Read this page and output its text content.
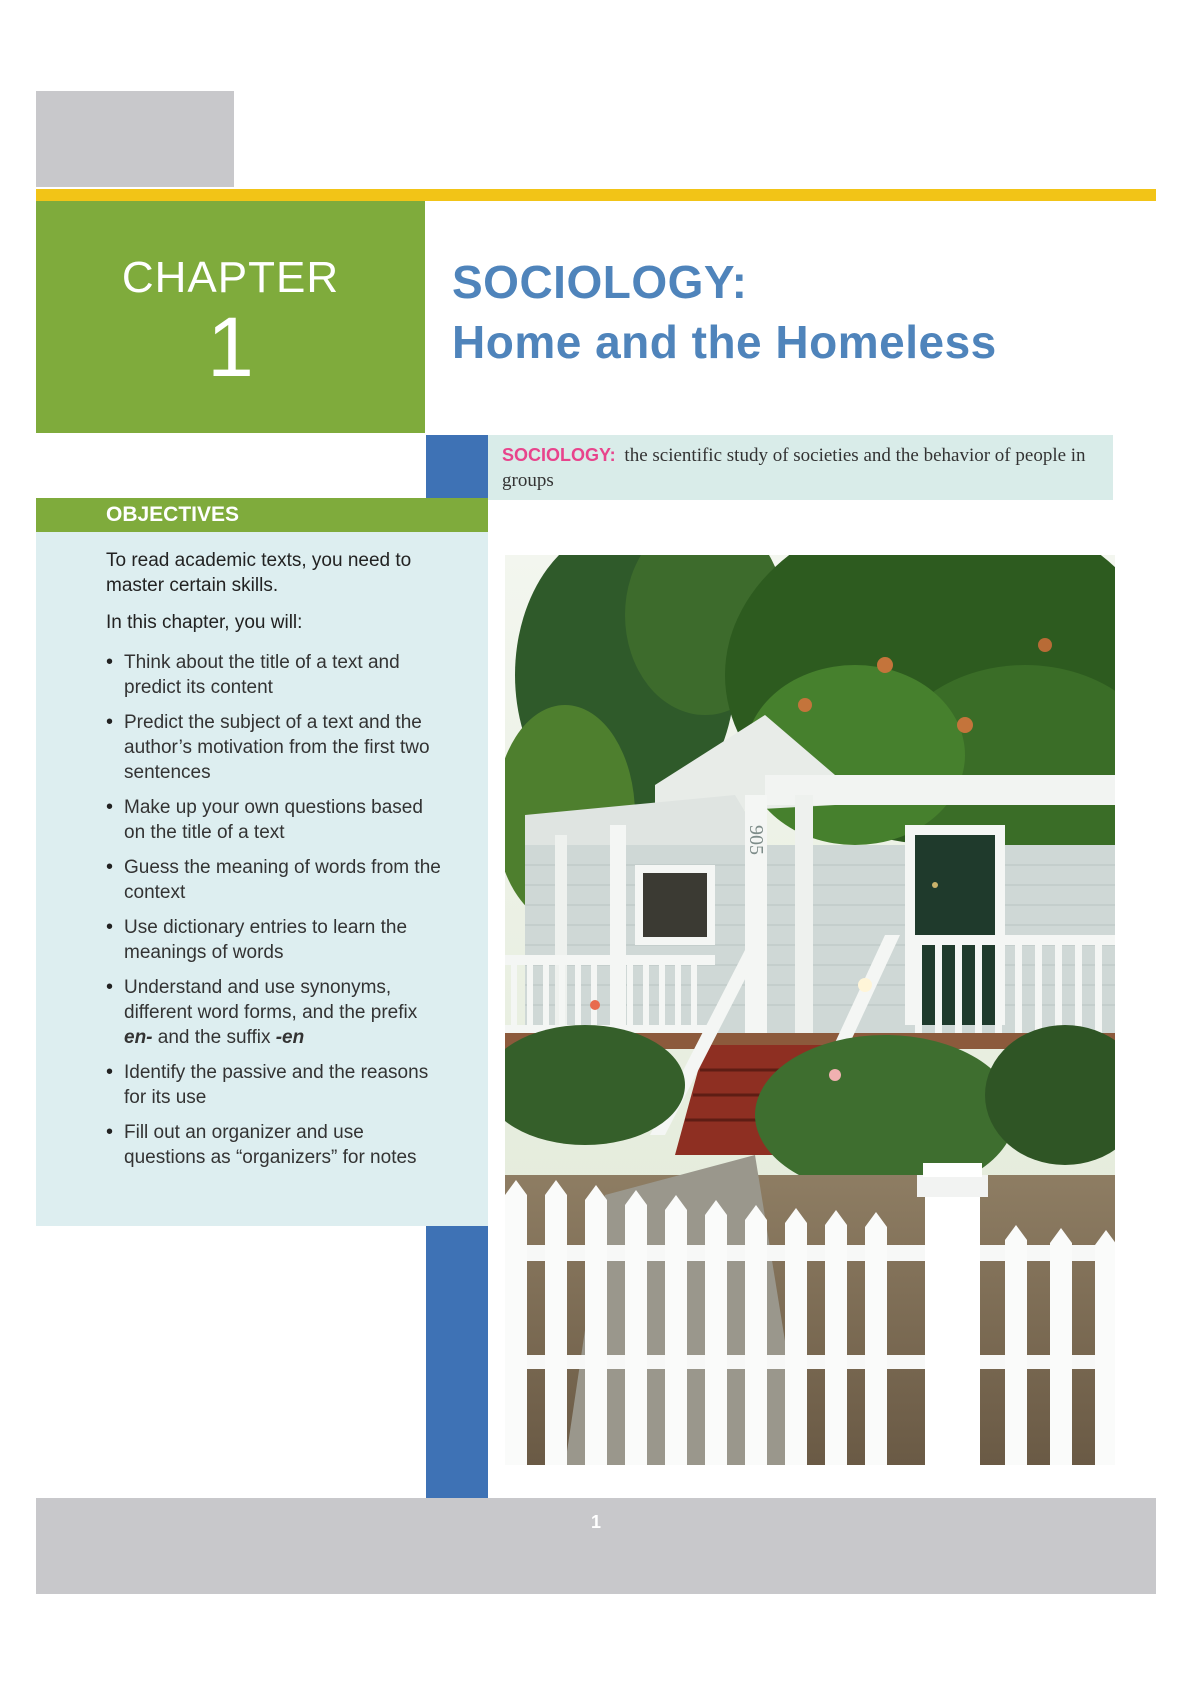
CHAPTER
1
SOCIOLOGY:
Home and the Homeless
SOCIOLOGY: the scientific study of societies and the behavior of people in groups
OBJECTIVES
To read academic texts, you need to master certain skills.
In this chapter, you will:
• Think about the title of a text and predict its content
• Predict the subject of a text and the author’s motivation from the first two sentences
• Make up your own questions based on the title of a text
• Guess the meaning of words from the context
• Use dictionary entries to learn the meanings of words
• Understand and use synonyms, different word forms, and the prefix en- and the suffix -en
• Identify the passive and the reasons for its use
• Fill out an organizer and use questions as “organizers” for notes
905
1
